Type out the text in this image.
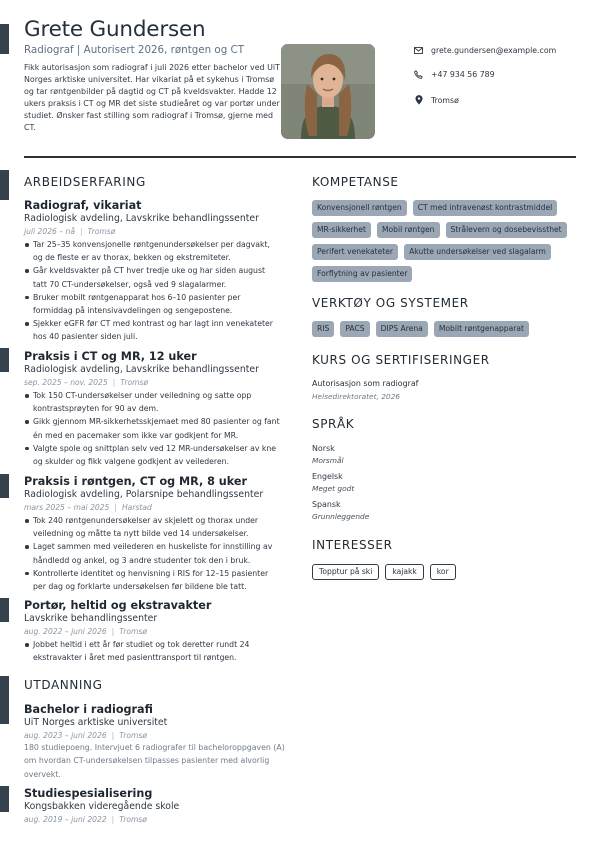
Grete Gundersen
Radiograf | Autorisert 2026, røntgen og CT
Fikk autorisasjon som radiograf i juli 2026 etter bachelor ved UiT Norges arktiske universitet. Har vikariat på et sykehus i Tromsø og tar røntgenbilder på dagtid og CT på kveldsvakter. Hadde 12 ukers praksis i CT og MR det siste studieåret og var portør under studiet. Ønsker fast stilling som radiograf i Tromsø, gjerne med CT.
grete.gundersen@example.com
+47 934 56 789
Tromsø
ARBEIDSERFARING
Radiograf, vikariat
Radiologisk avdeling, Lavskrike behandlingssenter
juli 2026 – nå | Tromsø
Tar 25–35 konvensjonelle røntgenundersøkelser per dagvakt, og de fleste er av thorax, bekken og ekstremiteter.
Går kveldsvakter på CT hver tredje uke og har siden august tatt 70 CT-undersøkelser, også ved 9 slagalarmer.
Bruker mobilt røntgenapparat hos 6–10 pasienter per formiddag på intensivavdelingen og sengepostene.
Sjekker eGFR før CT med kontrast og har lagt inn venekateter hos 40 pasienter siden juli.
Praksis i CT og MR, 12 uker
Radiologisk avdeling, Lavskrike behandlingssenter
sep. 2025 – nov. 2025 | Tromsø
Tok 150 CT-undersøkelser under veiledning og satte opp kontrastsprøyten for 90 av dem.
Gikk gjennom MR-sikkerhetsskjemaet med 80 pasienter og fant én med en pacemaker som ikke var godkjent for MR.
Valgte spole og snittplan selv ved 12 MR-undersøkelser av kne og skulder og fikk valgene godkjent av veilederen.
Praksis i røntgen, CT og MR, 8 uker
Radiologisk avdeling, Polarsnipe behandlingssenter
mars 2025 – mai 2025 | Harstad
Tok 240 røntgenundersøkelser av skjelett og thorax under veiledning og måtte ta nytt bilde ved 14 undersøkelser.
Laget sammen med veilederen en huskeliste for innstilling av håndledd og ankel, og 3 andre studenter tok den i bruk.
Kontrollerte identitet og henvisning i RIS for 12–15 pasienter per dag og forklarte undersøkelsen før bildene ble tatt.
Portør, heltid og ekstravakter
Lavskrike behandlingssenter
aug. 2022 – juni 2026 | Tromsø
Jobbet heltid i ett år før studiet og tok deretter rundt 24 ekstravakter i året med pasienttransport til røntgen.
UTDANNING
Bachelor i radiografi
UiT Norges arktiske universitet
aug. 2023 – juni 2026 | Tromsø
180 studiepoeng. Intervjuet 6 radiografer til bacheloroppgaven (A) om hvordan CT-undersøkelsen tilpasses pasienter med alvorlig overvekt.
Studiespesialisering
Kongsbakken videregående skole
aug. 2019 – juni 2022 | Tromsø
KOMPETANSE
Konvensjonell røntgen	CT med intravenøst kontrastmiddel
MR-sikkerhet	Mobil røntgen	Strålevern og dosebevissthet
Perifert venekateter	Akutte undersøkelser ved slagalarm
Forflytning av pasienter
VERKTØY OG SYSTEMER
RIS	PACS	DIPS Arena	Mobilt røntgenapparat
KURS OG SERTIFISERINGER
Autorisasjon som radiograf
Helsedirektoratet, 2026
SPRÅK
Norsk
Morsmål
Engelsk
Meget godt
Spansk
Grunnleggende
INTERESSER
Topptur på ski	kajakk	kor
